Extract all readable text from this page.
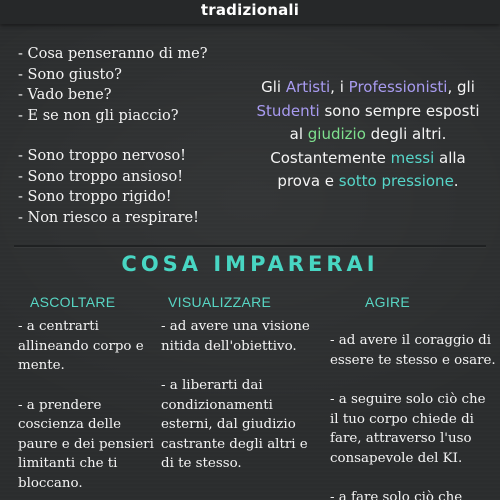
tradizionali
- Cosa penseranno di me?
- Sono giusto?
- Vado bene?
- E se non gli piaccio?
- Sono troppo nervoso!
- Sono troppo ansioso!
- Sono troppo rigido!
- Non riesco a respirare!
Gli Artisti, i Professionisti, gli
Studenti sono sempre esposti
al giudizio degli altri.
Costantemente messi alla
prova e sotto pressione.
COSA IMPARERAI
ASCOLTARE
- a centrarti
allineando corpo e
mente.
- a prendere
coscienza delle
paure e dei pensieri
limitanti che ti
bloccano.
VISUALIZZARE
- ad avere una visione
nitida dell'obiettivo.
- a liberarti dai
condizionamenti
esterni, dal giudizio
castrante degli altri e
di te stesso.
AGIRE
- ad avere il coraggio di
essere te stesso e osare.
- a seguire solo ciò che
il tuo corpo chiede di
fare, attraverso l'uso
consapevole del KI.
- a fare solo ciò che
